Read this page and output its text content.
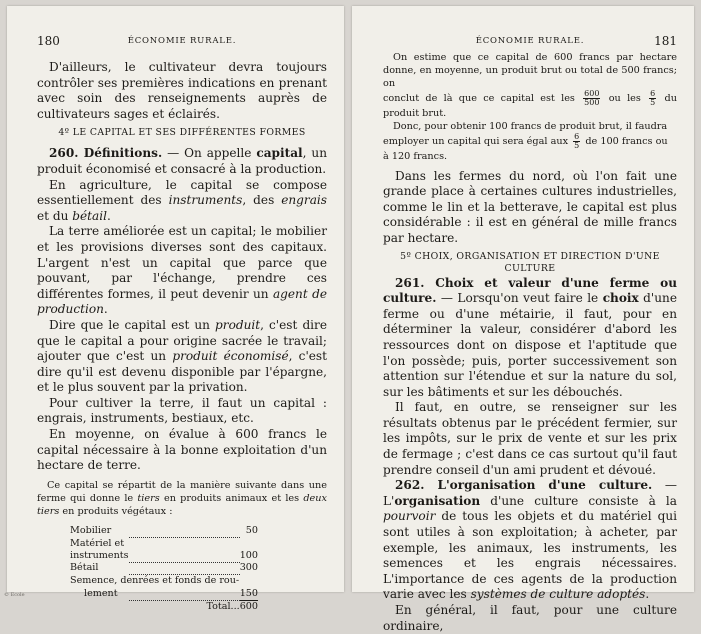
180	ÉCONOMIE RURALE.

D'ailleurs, le cultivateur devra toujours contrôler ses premières indications en prenant avec soin des renseignements auprès de cultivateurs sages et éclairés.

4º LE CAPITAL ET SES DIFFÉRENTES FORMES

260. Définitions. — On appelle capital, un produit économisé et consacré à la production.

En agriculture, le capital se compose essentiellement des instruments, des engrais et du bétail.

La terre améliorée est un capital; le mobilier et les provisions diverses sont des capitaux. L'argent n'est un capital que parce que pouvant, par l'échange, prendre ces différentes formes, il peut devenir un agent de production.

Dire que le capital est un produit, c'est dire que le capital a pour origine sacrée le travail; ajouter que c'est un produit économisé, c'est dire qu'il est devenu disponible par l'épargne, et le plus souvent par la privation.

Pour cultiver la terre, il faut un capital : engrais, instruments, bestiaux, etc.

En moyenne, on évalue à 600 francs le capital nécessaire à la bonne exploitation d'un hectare de terre.

Ce capital se répartit de la manière suivante dans une ferme qui donne le tiers en produits animaux et les deux tiers en produits végétaux :

Mobilier		50
Matériel et instruments		100
Bétail		300
Semence, denrées et fonds de rou-		
lement		150
Total...		600
ÉCONOMIE RURALE.	181

On estime que ce capital de 600 francs par hectare donne, en moyenne, un produit brut ou total de 500 francs; on

conclut de là que ce capital est les $\frac{600}{500}$ ou les $\frac{6}{5}$ du produit brut.

Donc, pour obtenir 100 francs de produit brut, il faudra

employer un capital qui sera égal aux $\frac{6}{5}$ de 100 francs ou

à 120 francs.

Dans les fermes du nord, où l'on fait une grande place à certaines cultures industrielles, comme le lin et la betterave, le capital est plus considérable : il est en général de mille francs par hectare.

5º CHOIX, ORGANISATION ET DIRECTION D'UNE CULTURE

261. Choix et valeur d'une ferme ou culture. — Lorsqu'on veut faire le choix d'une ferme ou d'une métairie, il faut, pour en déterminer la valeur, considérer d'abord les ressources dont on dispose et l'aptitude que l'on possède; puis, porter successivement son attention sur l'étendue et sur la nature du sol, sur les bâtiments et sur les débouchés.

Il faut, en outre, se renseigner sur les résultats obtenus par le précédent fermier, sur les impôts, sur le prix de vente et sur les prix de fermage ; c'est dans ce cas surtout qu'il faut prendre conseil d'un ami prudent et dévoué.

262. L'organisation d'une culture. — L'organisation d'une culture consiste à la pourvoir de tous les objets et du matériel qui sont utiles à son exploitation; à acheter, par exemple, les animaux, les instruments, les semences et les engrais nécessaires. L'importance de ces agents de la production varie avec les systèmes de culture adoptés.

En général, il faut, pour une culture ordinaire,

© Ecole
